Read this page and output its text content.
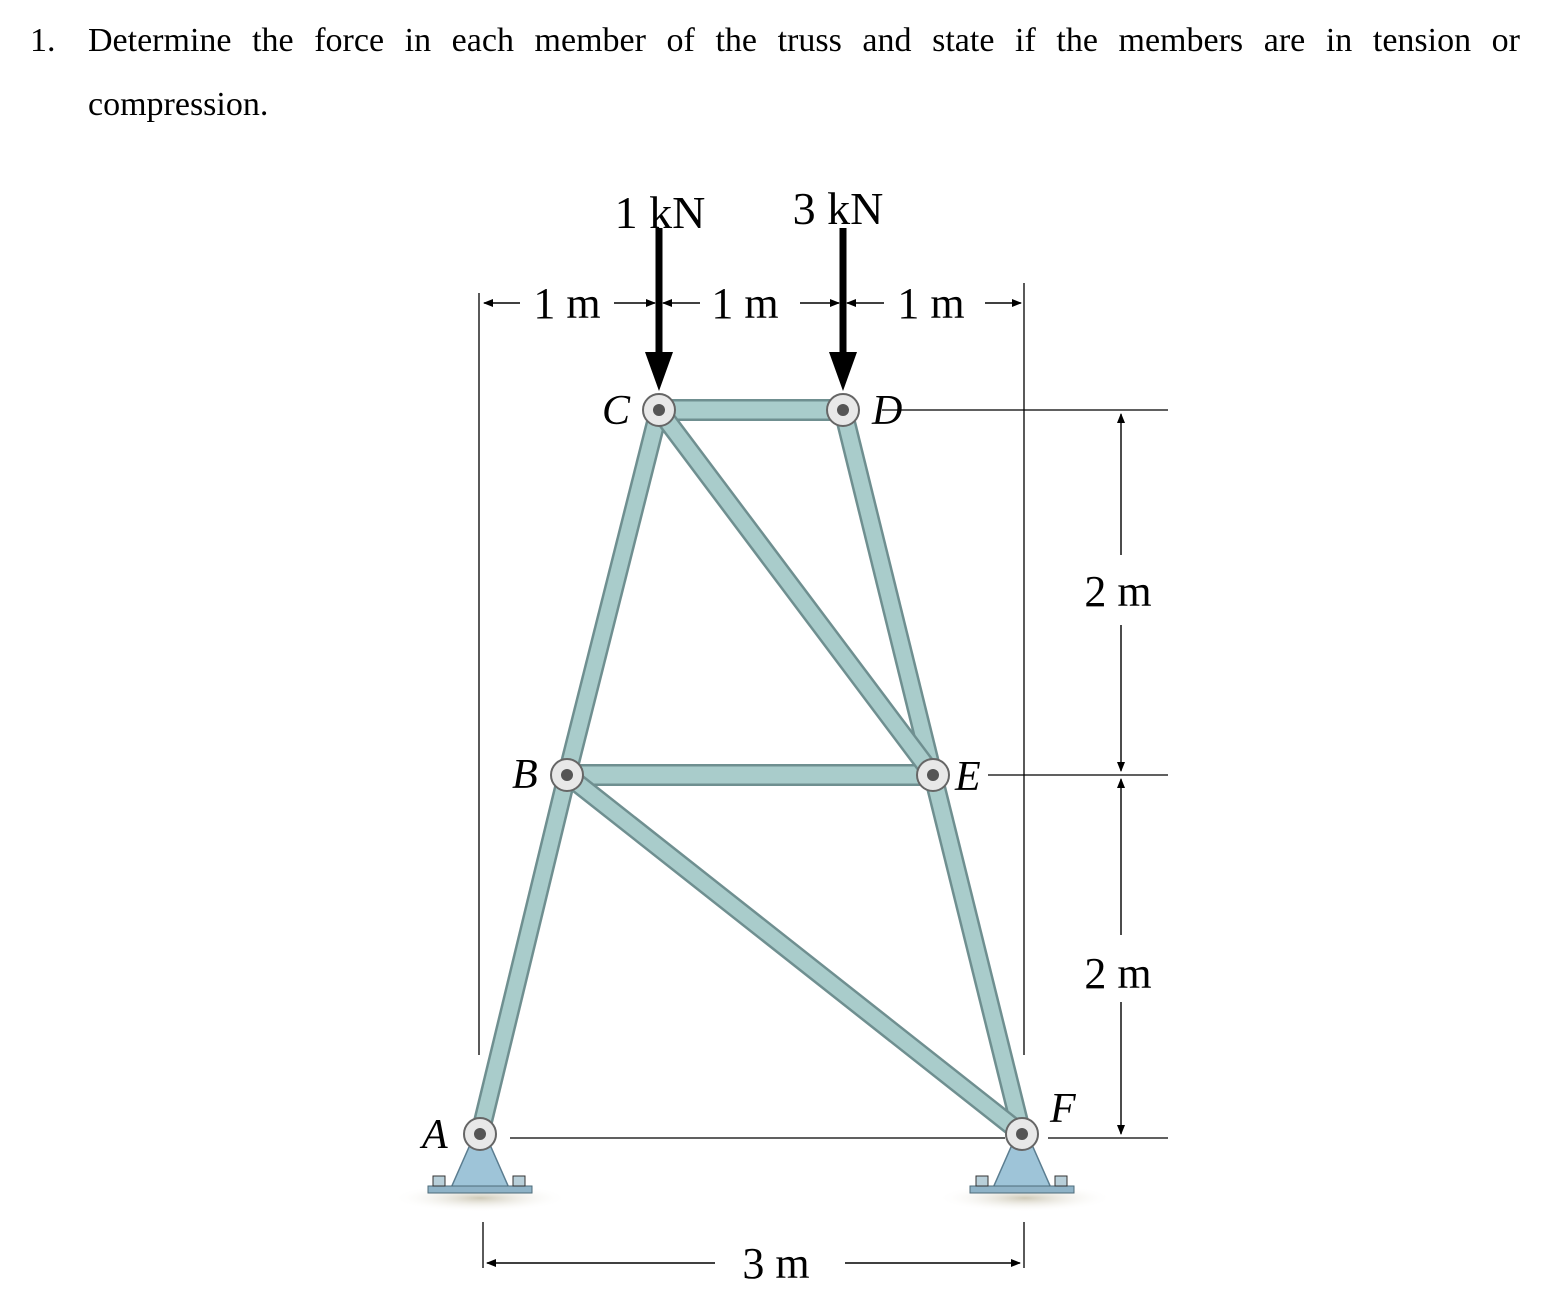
1. Determine the force in each member of the truss and state if the members are in tension or
compression.
1 m	1 m	1 m
2 m
2 m
3 m
1 kN 3 kN
A
B
C	D
E
F
